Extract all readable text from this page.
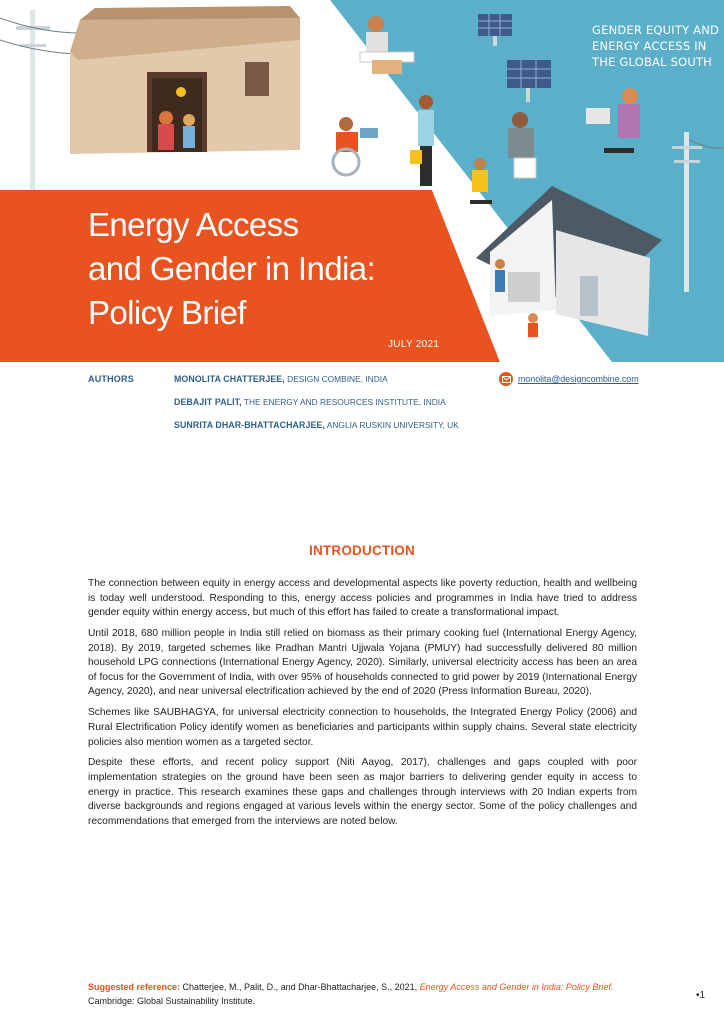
GENDER EQUITY AND
ENERGY ACCESS IN
THE GLOBAL SOUTH
Energy Access
and Gender in India:
Policy Brief
JULY 2021
AUTHORS	MONOLITA CHATTERJEE, DESIGN COMBINE, INDIA
DEBAJIT PALIT, THE ENERGY AND RESOURCES INSTITUTE, INDIA
SUNRITA DHAR-BHATTACHARJEE, ANGLIA RUSKIN UNIVERSITY, UK
monolita@designcombine.com
INTRODUCTION

The connection between equity in energy access and developmental aspects like poverty reduction, health and wellbeing is today well understood. Responding to this, energy access policies and programmes in India have tried to address gender equity within energy access, but much of this effort has failed to create a transformational impact.

Until 2018, 680 million people in India still relied on biomass as their primary cooking fuel (International Energy Agency, 2018). By 2019, targeted schemes like Pradhan Mantri Ujjwala Yojana (PMUY) had successfully delivered 80 million household LPG connections (International Energy Agency, 2020). Similarly, universal electricity access has been an area of focus for the Government of India, with over 95% of households connected to grid power by 2019 (International Energy Agency, 2020), and near universal electrification achieved by the end of 2020 (Press Information Bureau, 2020).

Schemes like SAUBHAGYA, for universal electricity connection to households, the Integrated Energy Policy (2006) and Rural Electrification Policy identify women as beneficiaries and participants within supply chains. Several state electricity policies also mention women as a targeted sector.

Despite these efforts, and recent policy support (Niti Aayog, 2017), challenges and gaps coupled with poor implementation strategies on the ground have been seen as major barriers to delivering gender equity in access to energy in practice. This research examines these gaps and challenges through interviews with 20 Indian experts from diverse backgrounds and regions engaged at various levels within the energy sector. Some of the policy challenges and recommendations that emerged from the interviews are noted below.

Suggested reference: Chatterjee, M., Palit, D., and Dhar-Bhattacharjee, S., 2021, Energy Access and Gender in India: Policy Brief. Cambridge: Global Sustainability Institute.	•1
